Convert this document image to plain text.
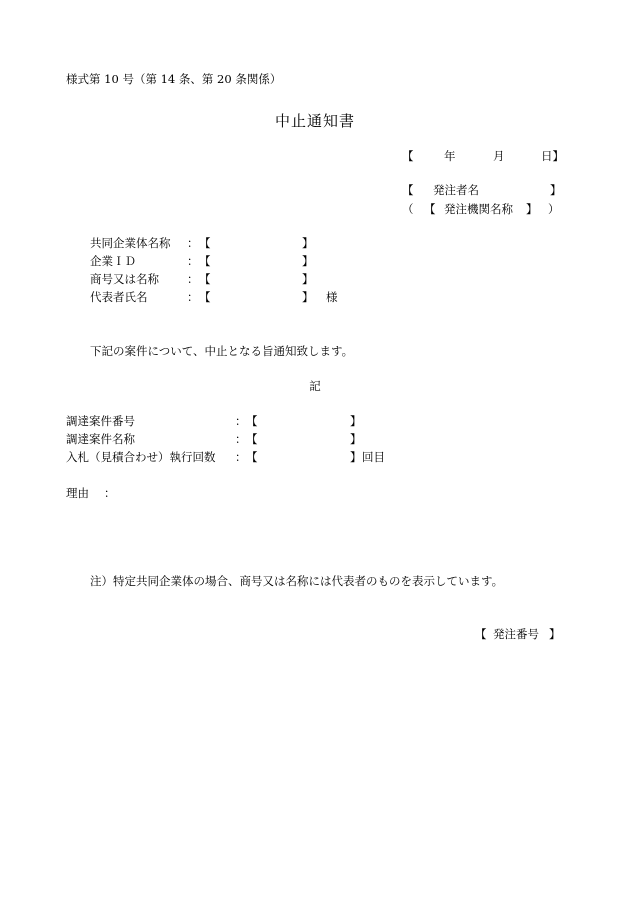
様式第 10 号（第 14 条、第 20 条関係）
中止通知書
【	年	月	日】
【 発注者名	】
（ 【 発注機関名称 】 ）
共同企業体名称 ： 【	】
企業ＩＤ	： 【	】
商号又は名称 ： 【	】
代表者氏名	： 【	】 様
下記の案件について、中止となる旨通知致します。
記
調達案件番号	： 【	】
調達案件名称	： 【	】
入札（見積合わせ）執行回数 ： 【	】 回目
理由 ：
注）特定共同企業体の場合、商号又は名称には代表者のものを表示しています。
【 発注番号 】
